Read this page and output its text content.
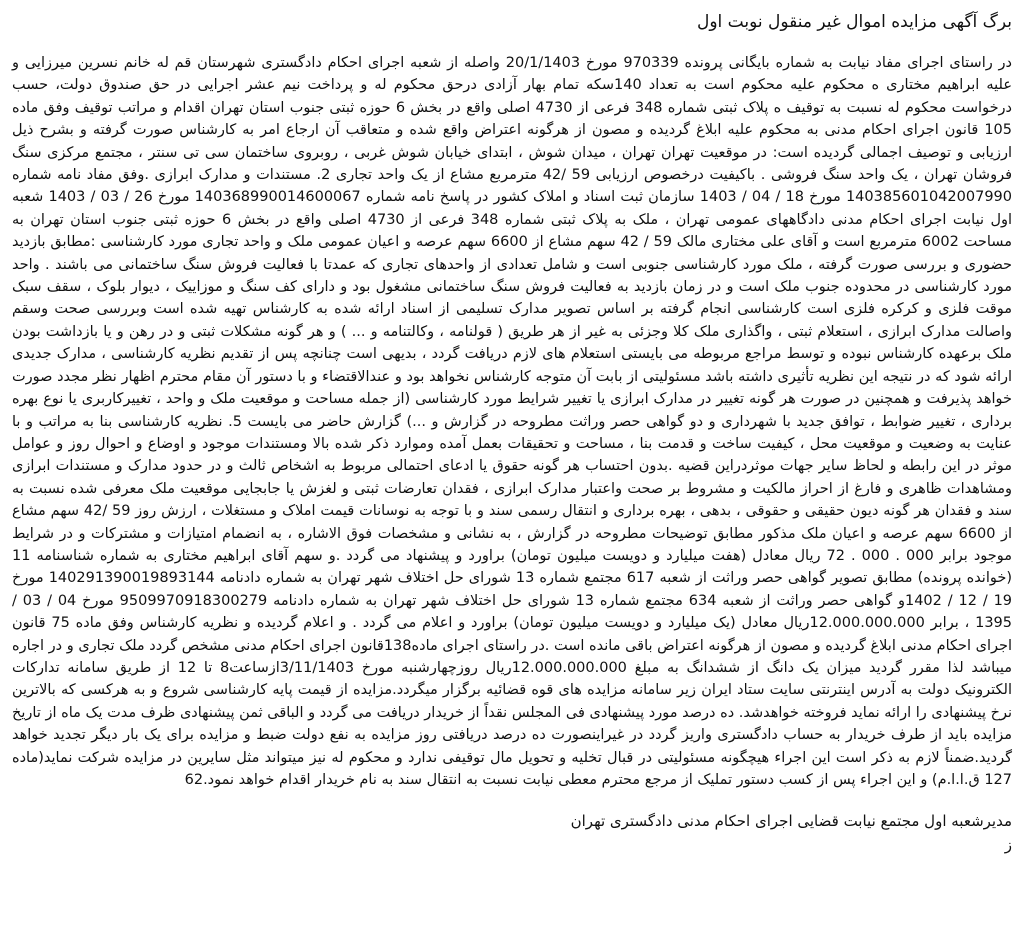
برگ آگهی مزایده اموال غیر منقول نوبت اول

در راستای اجرای مفاد نیابت به شماره بایگانی پرونده 970339 مورخ 20/1/1403 واصله از شعبه اجرای احکام دادگستری شهرستان قم له خانم نسرین میرزایی و علیه ابراهیم مختاری ه محکوم علیه محکوم است به تعداد 140سکه تمام بهار آزادی درحق محکوم له و پرداخت نیم عشر اجرایی در حق صندوق دولت، حسب درخواست محکوم له نسبت به توقیف ه پلاک ثبتی شماره 348 فرعی از 4730 اصلی واقع در بخش 6 حوزه ثبتی جنوب استان تهران اقدام و مراتب توقیف وفق ماده 105 قانون اجرای احکام مدنی به محکوم علیه ابلاغ گردیده و مصون از هرگونه اعتراض واقع شده و متعاقب آن ارجاع امر به کارشناس صورت گرفته و بشرح ذیل ارزیابی و توصیف اجمالی گردیده است: در موقعیت تهران تهران ، میدان شوش ، ابتدای خیابان شوش غربی ، روبروی ساختمان سی تی سنتر ، مجتمع مرکزی سنگ فروشان تهران ، یک واحد سنگ فروشی . باکیفیت درخصوص ارزیابی 59 /42 مترمربع مشاع از یک واحد تجاری 2. مستندات و مدارک ابرازی .وفق مفاد نامه شماره 140385601042007990 مورخ 18 / 04 / 1403 سازمان ثبت اسناد و املاک کشور در پاسخ نامه شماره 140368990014600067 مورخ 26 / 03 / 1403 شعبه اول نیابت اجرای احکام مدنی دادگاههای عمومی تهران ، ملک به پلاک ثبتی شماره 348 فرعی از 4730 اصلی واقع در بخش 6 حوزه ثبتی جنوب استان تهران به مساحت 6002 مترمربع است و آقای علی مختاری مالک 59 / 42 سهم مشاع از 6600 سهم عرصه و اعیان عمومی ملک و واحد تجاری مورد کارشناسی :مطابق بازدید حضوری و بررسی صورت گرفته ، ملک مورد کارشناسی جنوبی است و شامل تعدادی از واحدهای تجاری که عمدتا با فعالیت فروش سنگ ساختمانی می باشند . واحد مورد کارشناسی در محدوده جنوب ملک است و در زمان بازدید به فعالیت فروش سنگ ساختمانی مشغول بود و دارای کف سنگ و موزاییک ، دیوار بلوک ، سقف سبک موقت فلزی و کرکره فلزی است کارشناسی انجام گرفته بر اساس تصویر مدارک تسلیمی از اسناد ارائه شده به کارشناس تهیه شده است وبررسی صحت وسقم واصالت مدارک ابرازی ، استعلام ثبتی ، واگذاری ملک کلا وجزئی به غیر از هر طریق ( قولنامه ، وکالتنامه و ... ) و هر گونه مشکلات ثبتی و در رهن و یا بازداشت بودن ملک برعهده کارشناس نبوده و توسط مراجع مربوطه می بایستی استعلام های لازم دریافت گردد ، بدیهی است چنانچه پس از تقدیم نظریه کارشناسی ، مدارک جدیدی ارائه شود که در نتیجه این نظریه تأثیری داشته باشد مسئولیتی از بابت آن متوجه کارشناس نخواهد بود و عندالاقتضاء و با دستور آن مقام محترم اظهار نظر مجدد صورت خواهد پذیرفت و همچنین در صورت هر گونه تغییر در مدارک ابرازی یا تغییر شرایط مورد کارشناسی (از جمله مساحت و موقعیت ملک و واحد ، تغییرکاربری یا نوع بهره برداری ، تغییر ضوابط ، توافق جدید با شهرداری و دو گواهی حصر وراثت مطروحه در گزارش و ...) گزارش حاضر می بایست 5. نظریه کارشناسی بنا به مراتب و با عنایت به وضعیت و موقعیت محل ، کیفیت ساخت و قدمت بنا ، مساحت و تحقیقات بعمل آمده وموارد ذکر شده بالا ومستندات موجود و اوضاع و احوال روز و عوامل موثر در این رابطه و لحاظ سایر جهات موثردراین قضیه .بدون احتساب هر گونه حقوق یا ادعای احتمالی مربوط به اشخاص ثالث و در حدود مدارک و مستندات ابرازی ومشاهدات ظاهری و فارغ از احراز مالکیت و مشروط بر صحت واعتبار مدارک ابرازی ، فقدان تعارضات ثبتی و لغزش یا جابجایی موقعیت ملک معرفی شده نسبت به سند و فقدان هر گونه دیون حقیقی و حقوقی ، بدهی ، بهره برداری و انتقال رسمی سند و با توجه به نوسانات قیمت املاک و مستغلات ، ارزش روز 59 /42 سهم مشاع از 6600 سهم عرصه و اعیان ملک مذکور مطابق توضیحات مطروحه در گزارش ، به نشانی و مشخصات فوق الاشاره ، به انضمام امتیازات و مشترکات و در شرایط موجود برابر 000 . 000 . 72 ریال معادل (هفت میلیارد و دویست میلیون تومان) براورد و پیشنهاد می گردد .و سهم آقای ابراهیم مختاری به شماره شناسنامه 11 (خوانده پرونده) مطابق تصویر گواهی حصر وراثت از شعبه 617 مجتمع شماره 13 شورای حل اختلاف شهر تهران به شماره دادنامه 140291390019893144 مورخ 19 / 12 / 1402و گواهی حصر وراثت از شعبه 634 مجتمع شماره 13 شورای حل اختلاف شهر تهران به شماره دادنامه 9509970918300279 مورخ 04 / 03 / 1395 ، برابر 12.000.000.000ریال معادل (یک میلیارد و دویست میلیون تومان) براورد و اعلام می گردد . و اعلام گردیده و نظریه کارشناس وفق ماده 75 قانون اجرای احکام مدنی ابلاغ گردیده و مصون از هرگونه اعتراض باقی مانده است .در راستای اجرای ماده138قانون اجرای احکام مدنی مشخص گردد ملک تجاری و در اجاره میباشد لذا مقرر گردید میزان یک دانگ از ششدانگ به مبلغ 12.000.000.000ریال روزچهارشنبه مورخ 3/11/1403ازساعت8 تا 12 از طریق سامانه تدارکات الکترونیک دولت به آدرس اینترنتی سایت ستاد ایران زیر سامانه مزایده های قوه قضائیه برگزار میگردد.مزایده از قیمت پایه کارشناسی شروع و به هرکسی که بالاترین نرخ پیشنهادی را ارائه نماید فروخته خواهدشد. ده درصد مورد پیشنهادی فی المجلس نقداً از خریدار دریافت می گردد و الباقی ثمن پیشنهادی ظرف مدت یک ماه از تاریخ مزایده باید از طرف خریدار به حساب دادگستری واریز گردد در غیراینصورت ده درصد دریافتی روز مزایده به نفع دولت ضبط و مزایده برای یک بار دیگر تجدید خواهد گردید.ضمناً لازم به ذکر است این اجراء هیچگونه مسئولیتی در قبال تخلیه و تحویل مال توقیفی ندارد و محکوم له نیز میتواند مثل سایرین در مزایده شرکت نماید(ماده 127 ق.ا.ا.م) و این اجراء پس از کسب دستور تملیک از مرجع محترم معطی نیابت نسبت به انتقال سند به نام خریدار اقدام خواهد نمود.62

مدیرشعبه اول مجتمع نیابت قضایی اجرای احکام مدنی دادگستری تهران
ز
